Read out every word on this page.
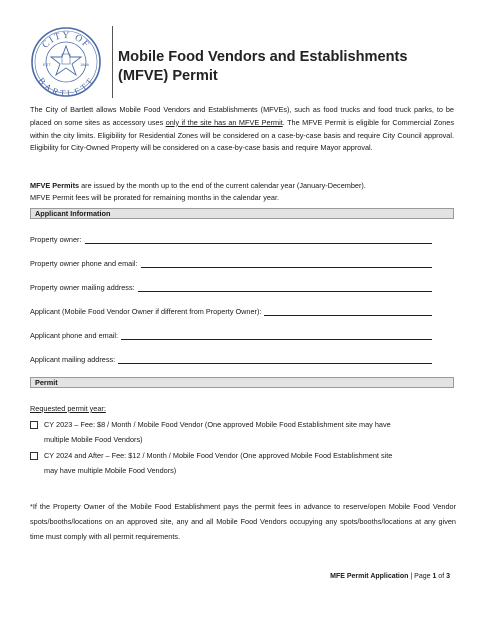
CITY OF
BARTLETT
EST.	1866 Mobile Food Vendors and Establishments
(MFVE) Permit
The City of Bartlett allows Mobile Food Vendors and Establishments (MFVEs), such as food trucks and food truck parks, to be placed on some sites as accessory uses only if the site has an MFVE Permit. The MFVE Permit is eligible for Commercial Zones within the city limits. Eligibility for Residential Zones will be considered on a case-by-case basis and require City Council approval. Eligibility for City-Owned Property will be considered on a case-by-case basis and require Mayor approval.
MFVE Permits are issued by the month up to the end of the current calendar year (January-December).
MFVE Permit fees will be prorated for remaining months in the calendar year.
Applicant Information
Property owner:
Property owner phone and email:
Property owner mailing address:
Applicant (Mobile Food Vendor Owner if different from Property Owner):
Applicant phone and email:
Applicant mailing address:
Permit
Requested permit year:
CY 2023 – Fee: $8 / Month / Mobile Food Vendor (One approved Mobile Food Establishment site may have
multiple Mobile Food Vendors)
CY 2024 and After – Fee: $12 / Month / Mobile Food Vendor (One approved Mobile Food Establishment site
may have multiple Mobile Food Vendors)
*If the Property Owner of the Mobile Food Establishment pays the permit fees in advance to reserve/open Mobile Food Vendor spots/booths/locations on an approved site, any and all Mobile Food Vendors occupying any spots/booths/locations at any given time must comply with all permit requirements.
MFE Permit Application | Page 1 of 3
